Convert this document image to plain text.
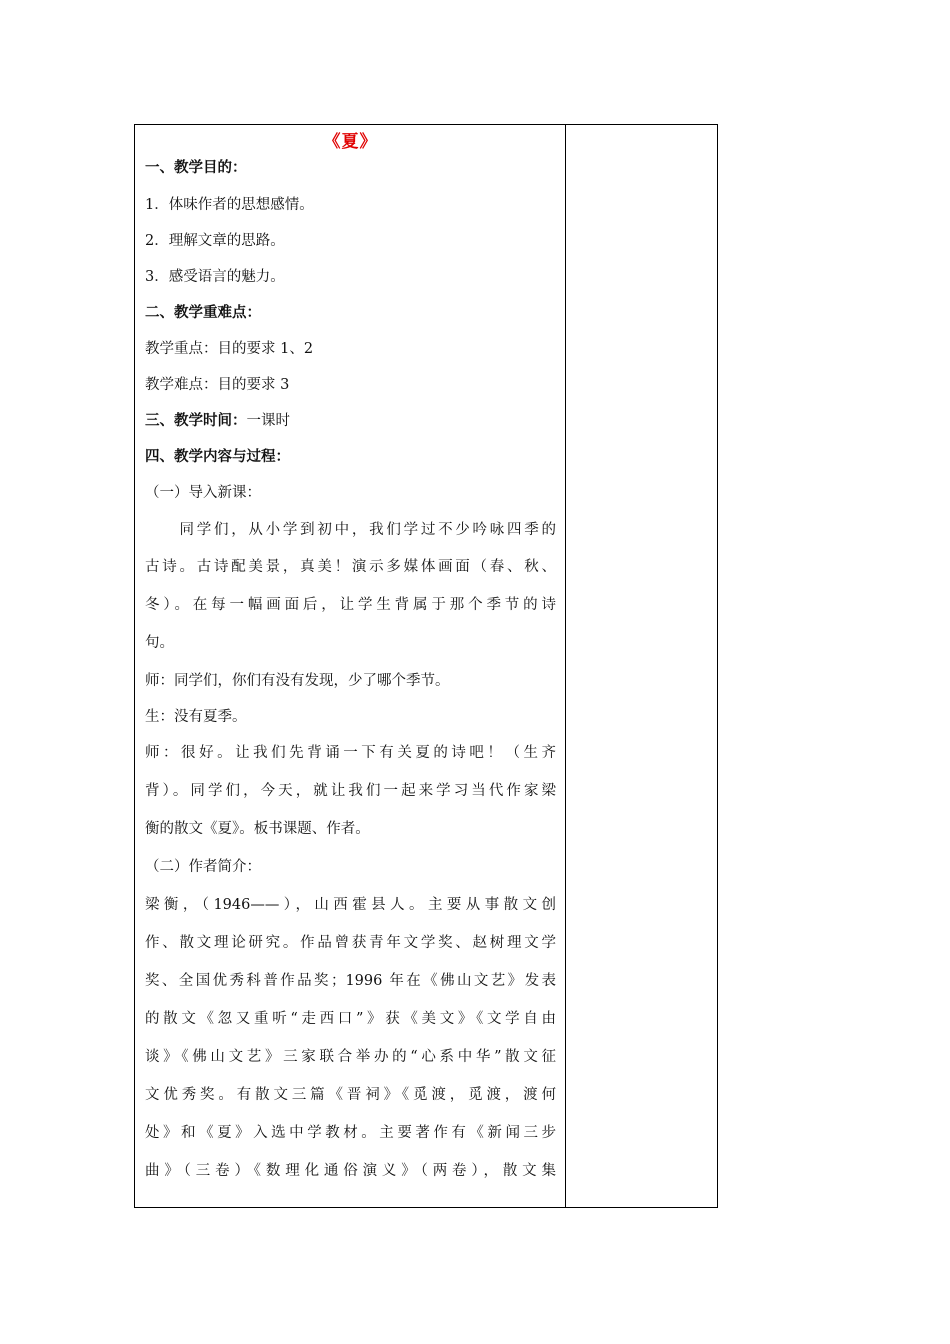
《夏》
一、教学目的：
1．体味作者的思想感情。
2．理解文章的思路。
3．感受语言的魅力。
二、教学重难点：
教学重点：目的要求 1、2
教学难点：目的要求 3
三、教学时间：一课时
四、教学内容与过程：
（一）导入新课：
　　同学们，从小学到初中，我们学过不少吟咏四季的
古诗。古诗配美景，真美！演示多媒体画面（春、秋、
冬）。在每一幅画面后，让学生背属于那个季节的诗
句。
师：同学们，你们有没有发现，少了哪个季节。
生：没有夏季。
师：很好。让我们先背诵一下有关夏的诗吧！（生齐
背）。同学们，今天，就让我们一起来学习当代作家梁
衡的散文《夏》。板书课题、作者。
（二）作者简介：
梁衡，（1946——），山西霍县人。主要从事散文创
作、散文理论研究。作品曾获青年文学奖、赵树理文学
奖、全国优秀科普作品奖；1996 年在《佛山文艺》发表
的散文《忽又重听“走西口”》获《美文》《文学自由
谈》《佛山文艺》三家联合举办的“心系中华”散文征
文优秀奖。有散文三篇《晋祠》《觅渡，觅渡，渡何
处》和《夏》入选中学教材。主要著作有《新闻三步
曲》（三卷）《数理化通俗演义》（两卷），散文集
